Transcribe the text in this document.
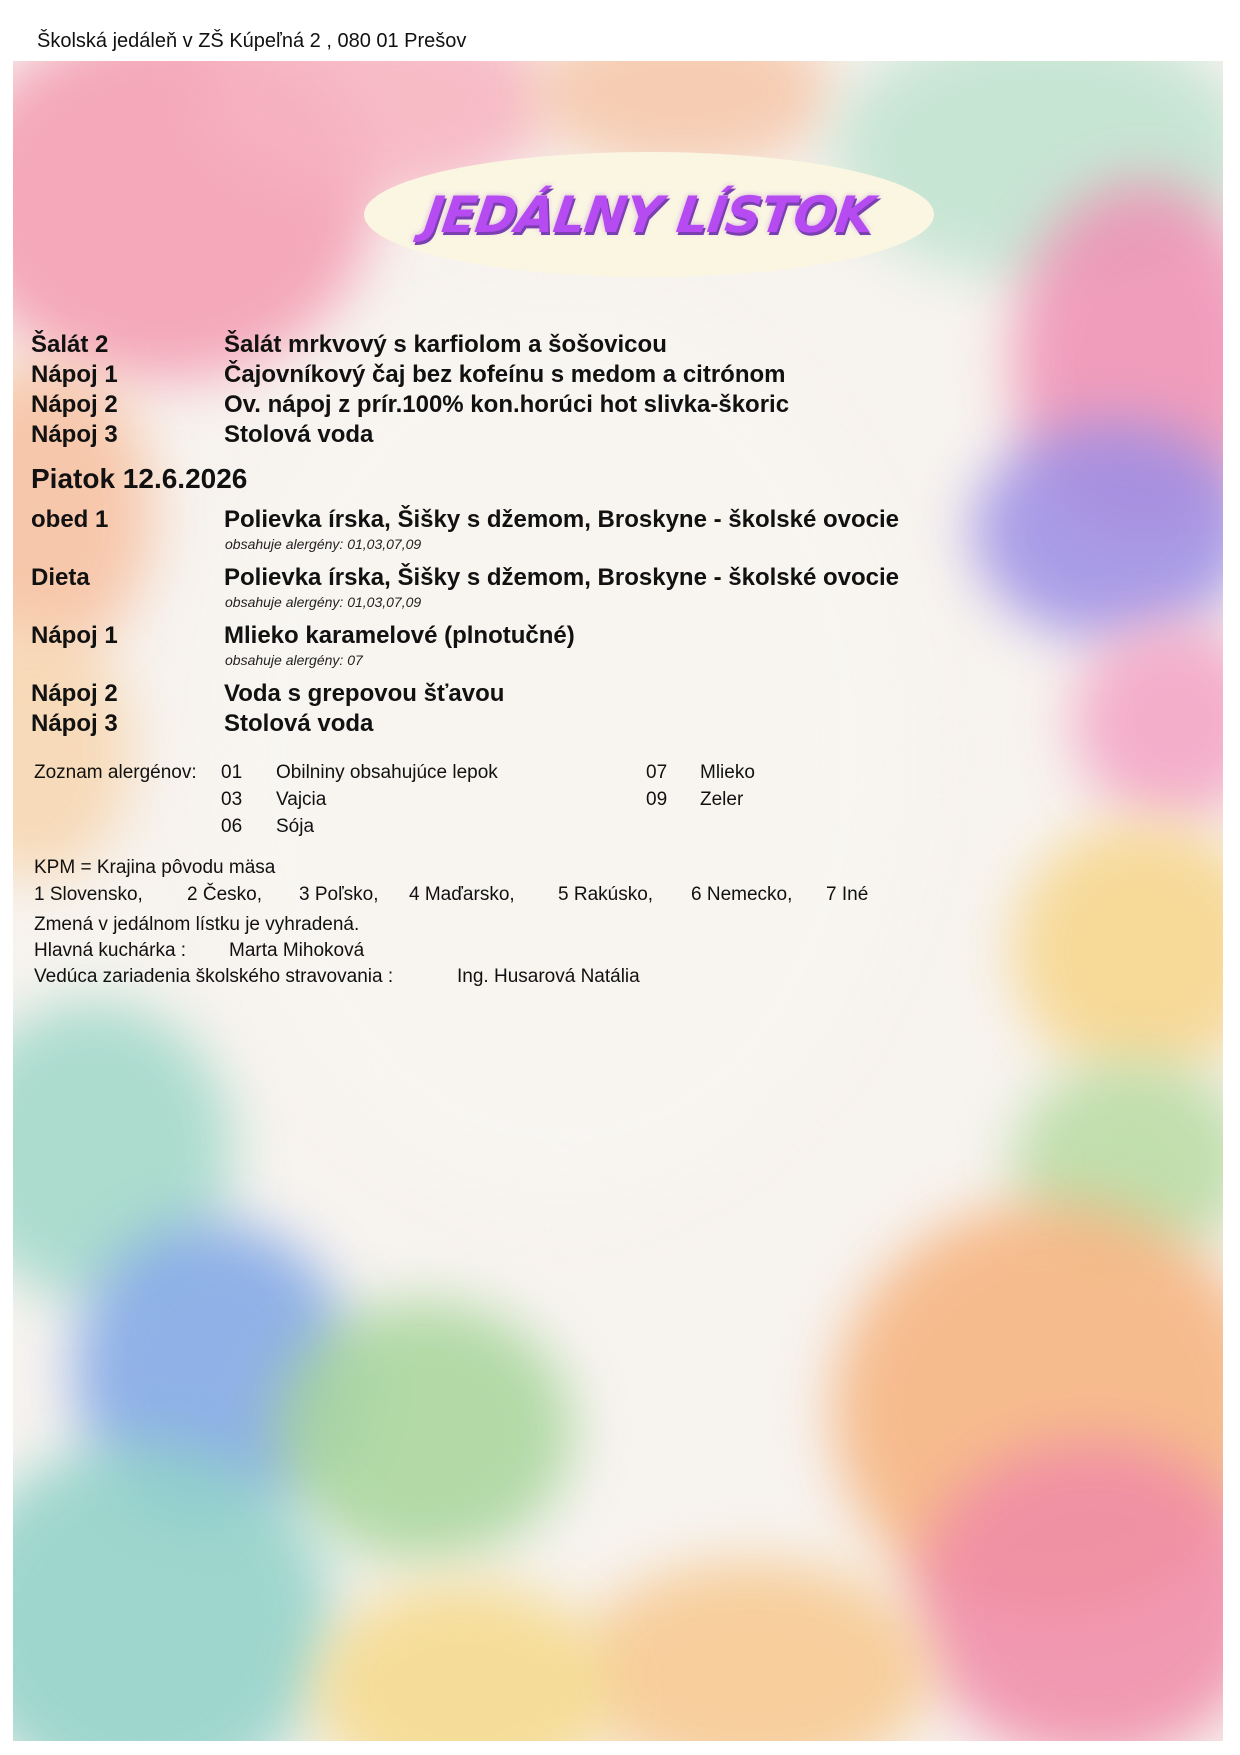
Školská jedáleň v ZŠ Kúpeľná 2 , 080 01 Prešov
JEDÁLNY LÍSTOK
Šalát 2	Šalát mrkvový s karfiolom a šošovicou
Nápoj 1	Čajovníkový čaj bez kofeínu s medom a citrónom
Nápoj 2	Ov. nápoj z prír.100% kon.horúci hot slivka-škoric
Nápoj 3	Stolová voda
Piatok 12.6.2026
obed 1	Polievka írska, Šišky s džemom, Broskyne - školské ovocie
obsahuje alergény: 01,03,07,09
Dieta	Polievka írska, Šišky s džemom, Broskyne - školské ovocie
obsahuje alergény: 01,03,07,09
Nápoj 1	Mlieko karamelové (plnotučné)
obsahuje alergény: 07
Nápoj 2	Voda s grepovou šťavou
Nápoj 3	Stolová voda
Zoznam alergénov: 01 Obilniny obsahujúce lepok	07 Mlieko
03 Vajcia	09 Zeler
06 Sója
KPM = Krajina pôvodu mäsa
1 Slovensko, 2 Česko, 3 Poľsko, 4 Maďarsko, 5 Rakúsko, 6 Nemecko, 7 Iné
Zmená v jedálnom lístku je vyhradená.
Hlavná kuchárka : Marta Mihoková
Vedúca zariadenia školského stravovania :	Ing. Husarová Natália
